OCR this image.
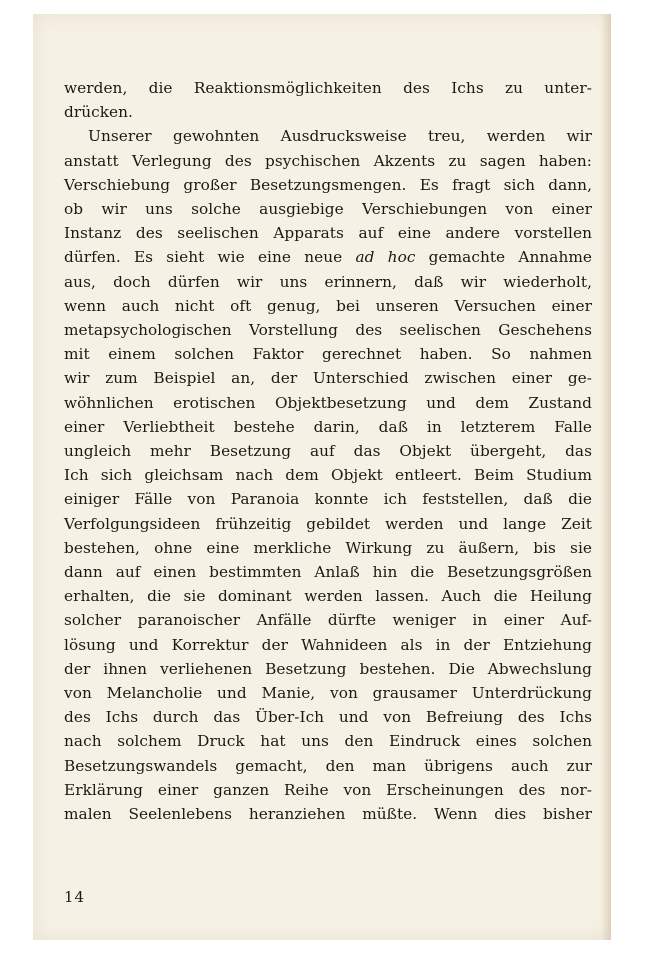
werden, die Reaktionsmöglichkeiten des Ichs zu unter-
drücken.

Unserer gewohnten Ausdrucksweise treu, werden wir
anstatt Verlegung des psychischen Akzents zu sagen haben:
Verschiebung großer Besetzungsmengen. Es fragt sich dann,
ob wir uns solche ausgiebige Verschiebungen von einer
Instanz des seelischen Apparats auf eine andere vorstellen
dürfen. Es sieht wie eine neue ad hoc gemachte Annahme
aus, doch dürfen wir uns erinnern, daß wir wiederholt,
wenn auch nicht oft genug, bei unseren Versuchen einer
metapsychologischen Vorstellung des seelischen Geschehens
mit einem solchen Faktor gerechnet haben. So nahmen
wir zum Beispiel an, der Unterschied zwischen einer ge-
wöhnlichen erotischen Objektbesetzung und dem Zustand
einer Verliebtheit bestehe darin, daß in letzterem Falle
ungleich mehr Besetzung auf das Objekt übergeht, das
Ich sich gleichsam nach dem Objekt entleert. Beim Studium
einiger Fälle von Paranoia konnte ich feststellen, daß die
Verfolgungsideen frühzeitig gebildet werden und lange Zeit
bestehen, ohne eine merkliche Wirkung zu äußern, bis sie
dann auf einen bestimmten Anlaß hin die Besetzungsgrößen
erhalten, die sie dominant werden lassen. Auch die Heilung
solcher paranoischer Anfälle dürfte weniger in einer Auf-
lösung und Korrektur der Wahnideen als in der Entziehung
der ihnen verliehenen Besetzung bestehen. Die Abwechslung
von Melancholie und Manie, von grausamer Unterdrückung
des Ichs durch das Über-Ich und von Befreiung des Ichs
nach solchem Druck hat uns den Eindruck eines solchen
Besetzungswandels gemacht, den man übrigens auch zur
Erklärung einer ganzen Reihe von Erscheinungen des nor-
malen Seelenlebens heranziehen müßte. Wenn dies bisher

14
